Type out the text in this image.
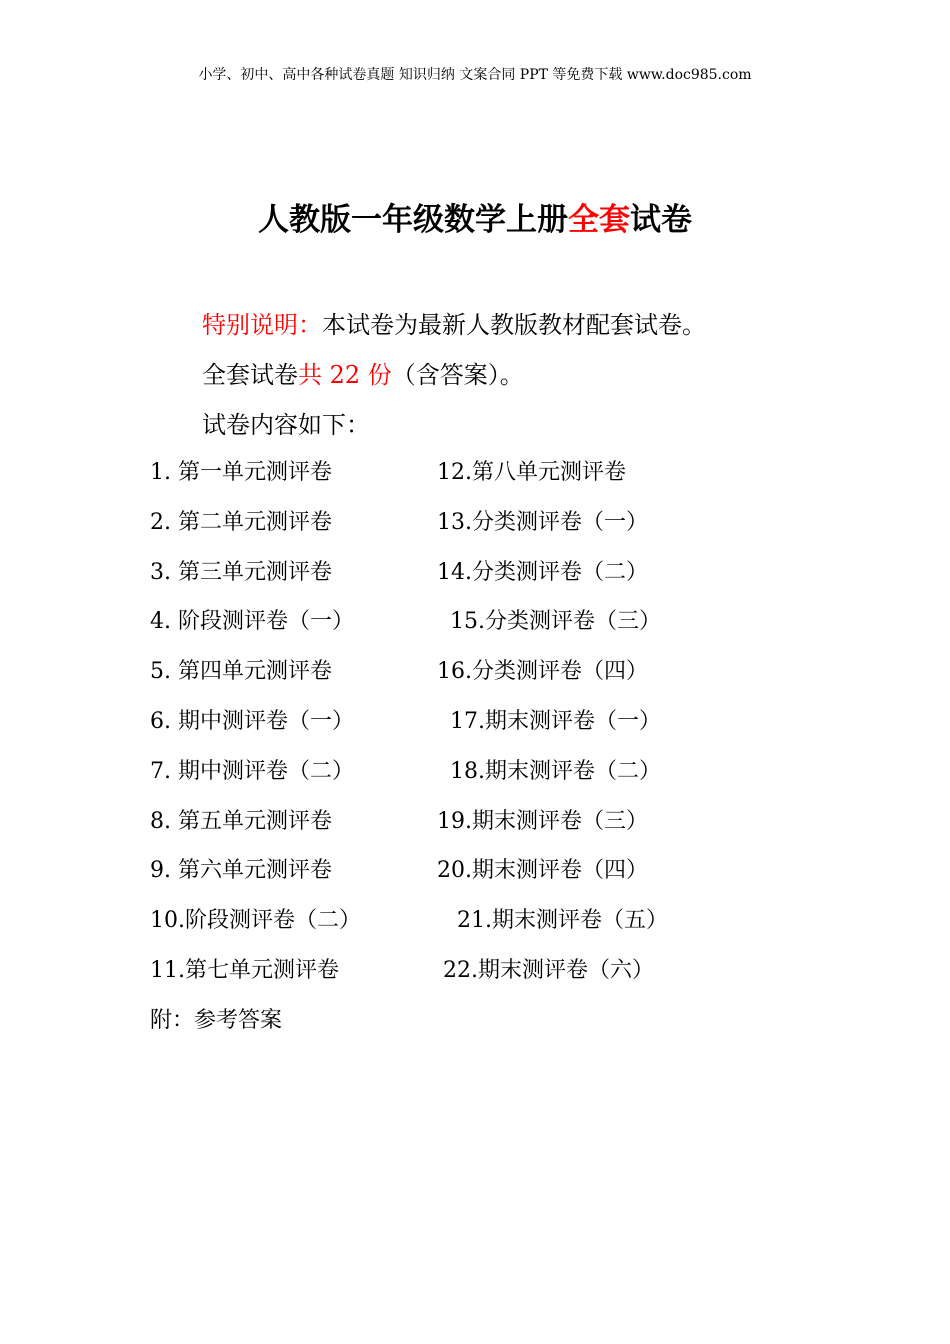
小学、初中、高中各种试卷真题 知识归纳 文案合同 PPT 等免费下载 www.doc985.com
人教版一年级数学上册全套试卷
特别说明：本试卷为最新人教版教材配套试卷。
全套试卷共 22 份（含答案）。
试卷内容如下：
1. 第一单元测评卷
2. 第二单元测评卷
3. 第三单元测评卷
4. 阶段测评卷（一）
5. 第四单元测评卷
6. 期中测评卷（一）
7. 期中测评卷（二）
8. 第五单元测评卷
9. 第六单元测评卷
10.阶段测评卷（二）
11.第七单元测评卷
12.第八单元测评卷
13.分类测评卷（一）
14.分类测评卷（二）
15.分类测评卷（三）
16.分类测评卷（四）
17.期末测评卷（一）
18.期末测评卷（二）
19.期末测评卷（三）
20.期末测评卷（四）
21.期末测评卷（五）
22.期末测评卷（六）
附：参考答案
